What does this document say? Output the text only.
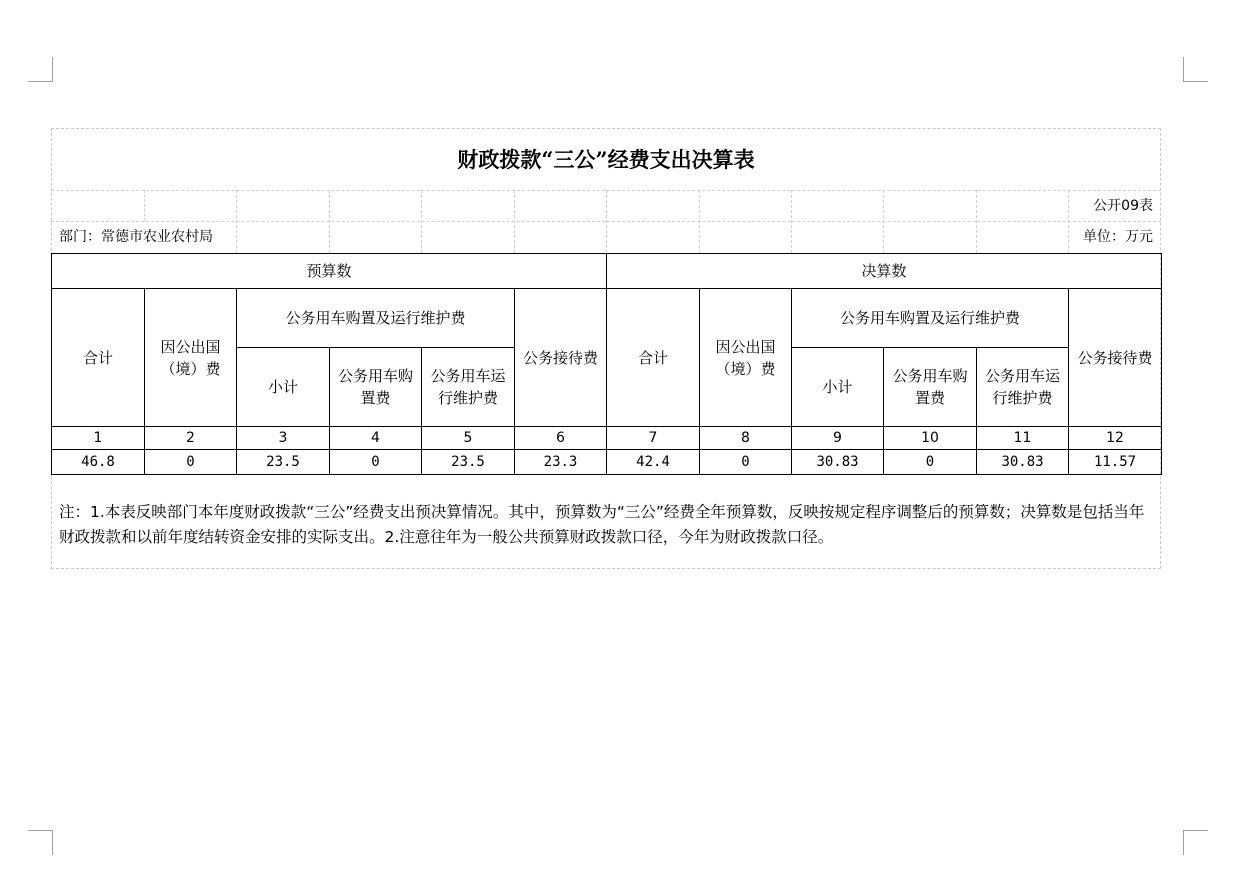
财政拨款“三公”经费支出决算表
公开09表
部门：常德市农业农村局	单位：万元
预算数						决算数					
合计	因公出国（境）费	公务用车购置及运行维护费			公务接待费	合计	因公出国（境）费	公务用车购置及运行维护费			公务接待费
		小计	公务用车购置费	公务用车运行维护费				小计	公务用车购置费	公务用车运行维护费	
1	2	3	4	5	6	7	8	9	10	11	12
46.8	0	23.5	0	23.5	23.3	42.4	0	30.83	0	30.83	11.57
注：1.本表反映部门本年度财政拨款“三公”经费支出预决算情况。其中，预算数为“三公”经费全年预算数，反映按规定程序调整后的预算数；决算数是包括当年财政拨款和以前年度结转资金安排的实际支出。2.注意往年为一般公共预算财政拨款口径，今年为财政拨款口径。
